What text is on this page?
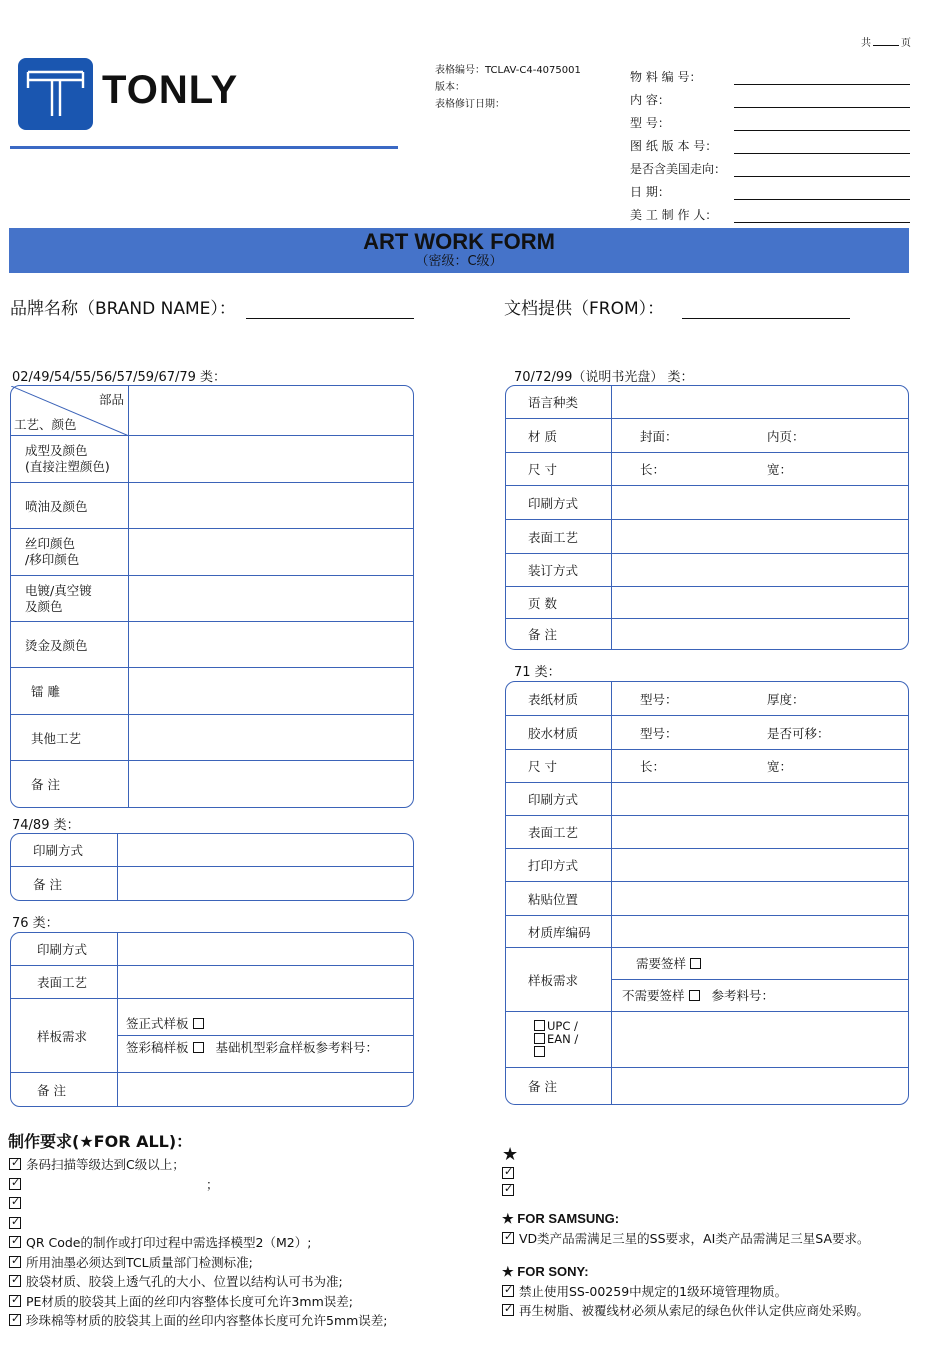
共	页
TONLY	表格编号：TCLAV-C4-4075001
版本：
表格修订日期：
物 料 编 号：
内 容：
型 号：
图 纸 版 本 号：
是否含美国走向：
日 期：
美 工 制 作 人：
ART WORK FORM
（密级：C级）
品牌名称（BRAND NAME）：	文档提供（FROM）：
02/49/54/55/56/57/59/67/79 类：
部品
工艺、颜色	

成型及颜色
(直接注塑颜色)	
喷油及颜色	
丝印颜色
/移印颜色	
电镀/真空镀
及颜色	
烫金及颜色	
镭 雕	
其他工艺	
备 注	
74/89 类：
印刷方式	
备 注	
76 类：
印刷方式	
表面工艺	
样板需求	签正式样板
签彩稿样板 基础机型彩盒样板参考料号：

备 注	
70/72/99（说明书光盘） 类：
语言种类	
材 质	封面： 内页：

尺 寸	长： 宽：

印刷方式	
表面工艺	
装订方式	
页 数	
备 注	
71 类：
表纸材质	型号： 厚度：

胶水材质	型号： 是否可移：

尺 寸	长： 宽：

印刷方式	
表面工艺	
打印方式	
粘贴位置	
材质库编码	
样板需求	需要签样
不需要签样 参考料号：

UPC /
EAN /	

备 注	
制作要求(★FOR ALL)：
✓条码扫描等级达到C级以上；
✓；
✓
✓
✓QR Code的制作或打印过程中需选择模型2（M2）;
✓所用油墨必须达到TCL质量部门检测标准;
✓胶袋材质、胶袋上透气孔的大小、位置以结构认可书为准;
✓PE材质的胶袋其上面的丝印内容整体长度可允许3mm误差;
✓珍珠棉等材质的胶袋其上面的丝印内容整体长度可允许5mm误差;
★
✓
✓
★ FOR SAMSUNG:
✓VD类产品需满足三星的SS要求，AI类产品需满足三星SA要求。
★ FOR SONY:
✓禁止使用SS-00259中规定的1级环境管理物质。
✓再生树脂、被覆线材必须从索尼的绿色伙伴认定供应商处采购。
